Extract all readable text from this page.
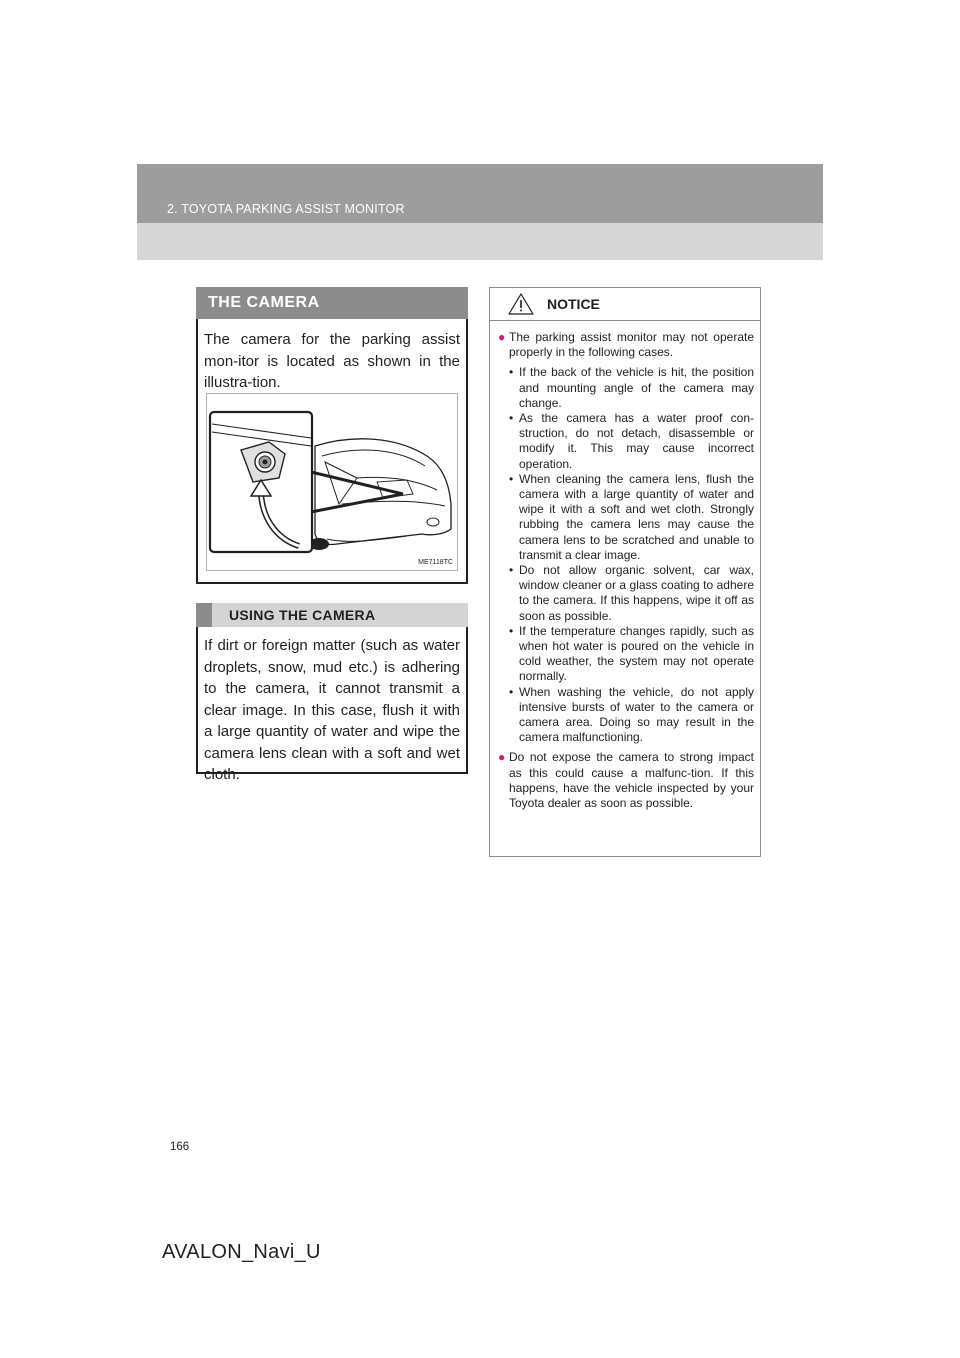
2. TOYOTA PARKING ASSIST MONITOR
THE CAMERA
The camera for the parking assist mon-itor is located as shown in the illustra-tion.
ME7118TC
USING THE CAMERA
If dirt or foreign matter (such as water droplets, snow, mud etc.) is adhering to the camera, it cannot transmit a clear image. In this case, flush it with a large quantity of water and wipe the camera lens clean with a soft and wet cloth.
NOTICE
● The parking assist monitor may not operate properly in the following cases.
• If the back of the vehicle is hit, the position and mounting angle of the camera may change.
• As the camera has a water proof con-struction, do not detach, disassemble or modify it. This may cause incorrect operation.
• When cleaning the camera lens, flush the camera with a large quantity of water and wipe it with a soft and wet cloth. Strongly rubbing the camera lens may cause the camera lens to be scratched and unable to transmit a clear image.
• Do not allow organic solvent, car wax, window cleaner or a glass coating to adhere to the camera. If this happens, wipe it off as soon as possible.
• If the temperature changes rapidly, such as when hot water is poured on the vehicle in cold weather, the system may not operate normally.
• When washing the vehicle, do not apply intensive bursts of water to the camera or camera area. Doing so may result in the camera malfunctioning.
● Do not expose the camera to strong impact as this could cause a malfunc-tion. If this happens, have the vehicle inspected by your Toyota dealer as soon as possible.
166
AVALON_Navi_U
